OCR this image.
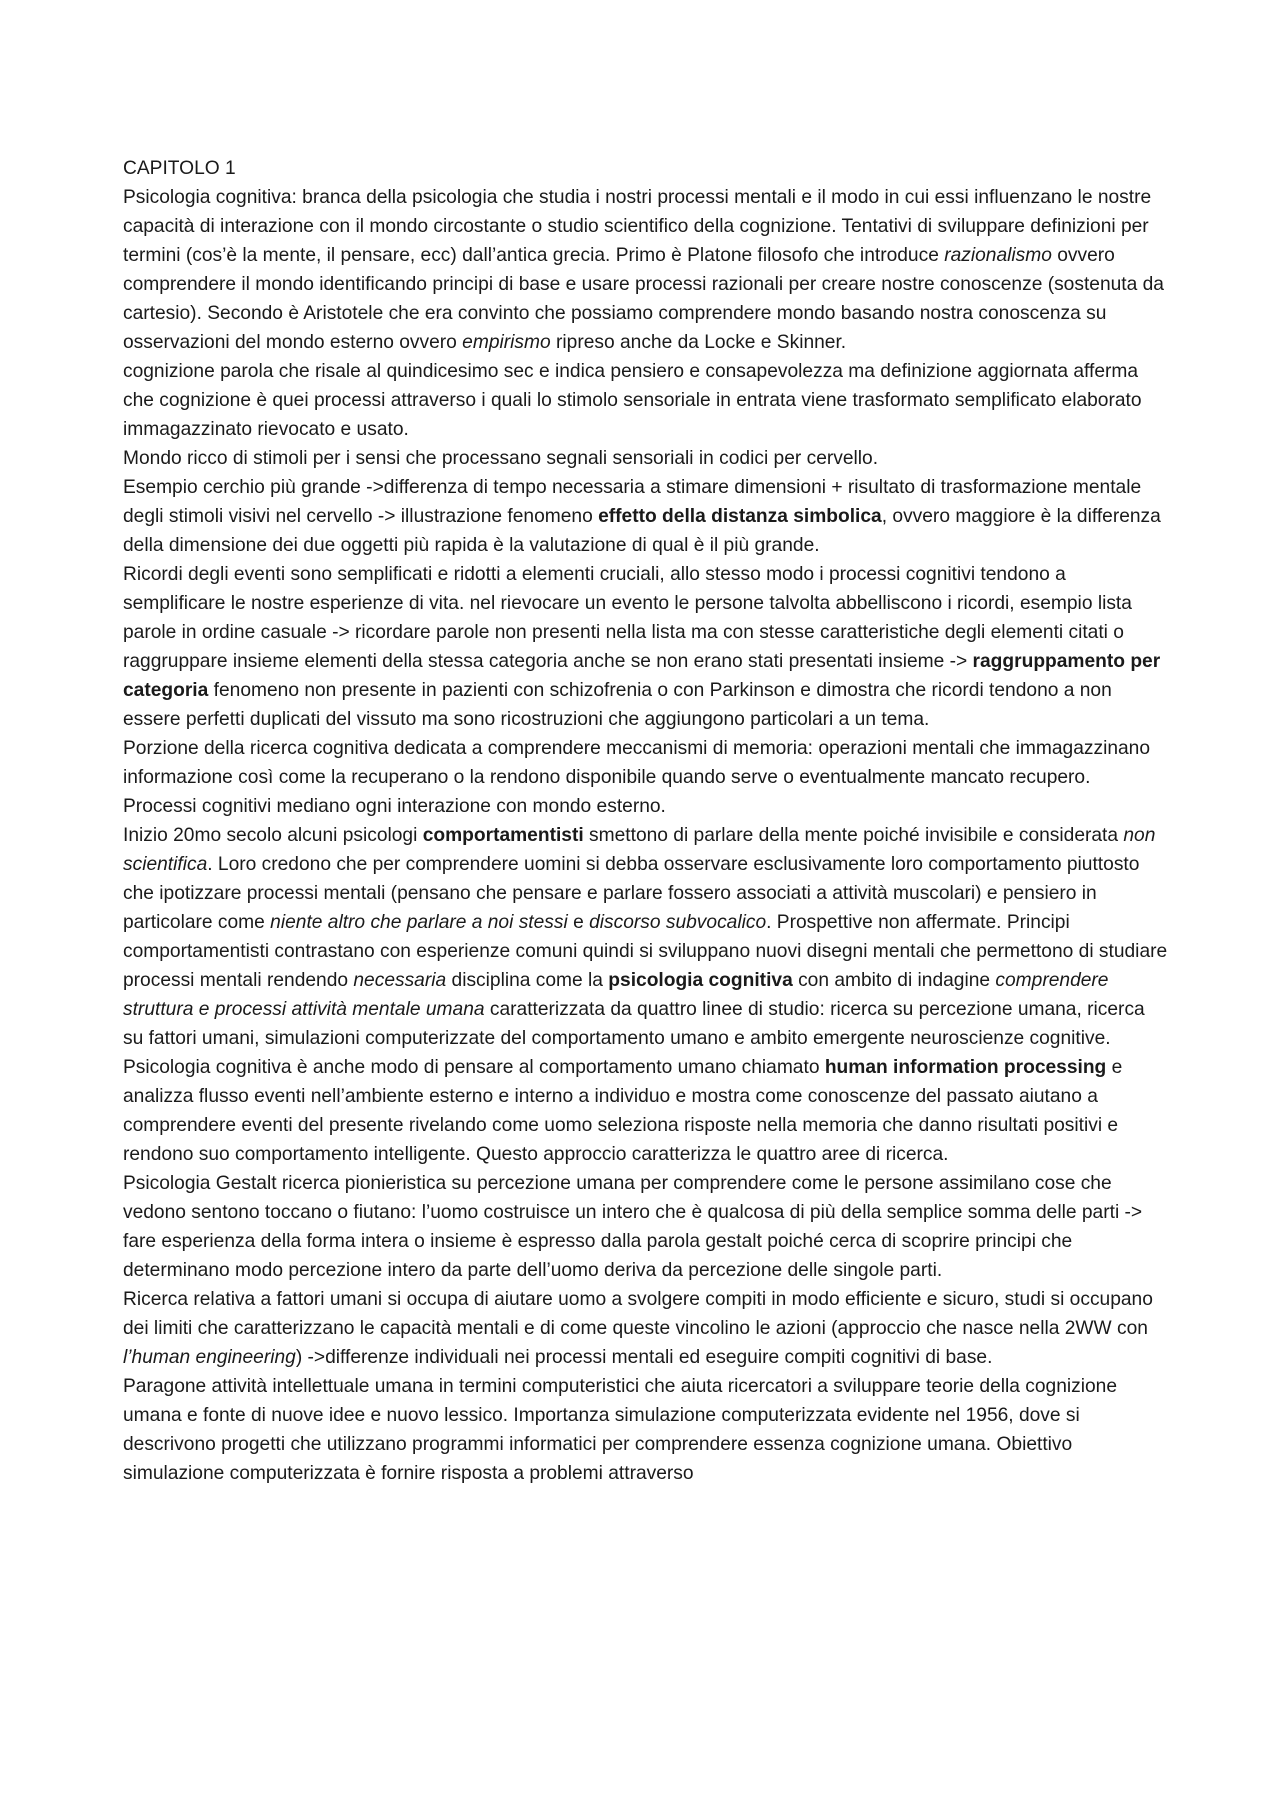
CAPITOLO 1

Psicologia cognitiva: branca della psicologia che studia i nostri processi mentali e il modo in cui essi influenzano le nostre capacità di interazione con il mondo circostante o studio scientifico della cognizione. Tentativi di sviluppare definizioni per termini (cos’è la mente, il pensare, ecc) dall’antica grecia. Primo è Platone filosofo che introduce razionalismo ovvero comprendere il mondo identificando principi di base e usare processi razionali per creare nostre conoscenze (sostenuta da cartesio). Secondo è Aristotele che era convinto che possiamo comprendere mondo basando nostra conoscenza su osservazioni del mondo esterno ovvero empirismo ripreso anche da Locke e Skinner.

cognizione parola che risale al quindicesimo sec e indica pensiero e consapevolezza ma definizione aggiornata afferma che cognizione è quei processi attraverso i quali lo stimolo sensoriale in entrata viene trasformato semplificato elaborato immagazzinato rievocato e usato.

Mondo ricco di stimoli per i sensi che processano segnali sensoriali in codici per cervello.

Esempio cerchio più grande ->differenza di tempo necessaria a stimare dimensioni + risultato di trasformazione mentale degli stimoli visivi nel cervello -> illustrazione fenomeno effetto della distanza simbolica, ovvero maggiore è la differenza della dimensione dei due oggetti più rapida è la valutazione di qual è il più grande.

Ricordi degli eventi sono semplificati e ridotti a elementi cruciali, allo stesso modo i processi cognitivi tendono a semplificare le nostre esperienze di vita. nel rievocare un evento le persone talvolta abbelliscono i ricordi, esempio lista parole in ordine casuale -> ricordare parole non presenti nella lista ma con stesse caratteristiche degli elementi citati o raggruppare insieme elementi della stessa categoria anche se non erano stati presentati insieme -> raggruppamento per categoria fenomeno non presente in pazienti con schizofrenia o con Parkinson e dimostra che ricordi tendono a non essere perfetti duplicati del vissuto ma sono ricostruzioni che aggiungono particolari a un tema.

Porzione della ricerca cognitiva dedicata a comprendere meccanismi di memoria: operazioni mentali che immagazzinano informazione così come la recuperano o la rendono disponibile quando serve o eventualmente mancato recupero. Processi cognitivi mediano ogni interazione con mondo esterno.

Inizio 20mo secolo alcuni psicologi comportamentisti smettono di parlare della mente poiché invisibile e considerata non scientifica. Loro credono che per comprendere uomini si debba osservare esclusivamente loro comportamento piuttosto che ipotizzare processi mentali (pensano che pensare e parlare fossero associati a attività muscolari) e pensiero in particolare come niente altro che parlare a noi stessi e discorso subvocalico. Prospettive non affermate. Principi comportamentisti contrastano con esperienze comuni quindi si sviluppano nuovi disegni mentali che permettono di studiare processi mentali rendendo necessaria disciplina come la psicologia cognitiva con ambito di indagine comprendere struttura e processi attività mentale umana caratterizzata da quattro linee di studio: ricerca su percezione umana, ricerca su fattori umani, simulazioni computerizzate del comportamento umano e ambito emergente neuroscienze cognitive. Psicologia cognitiva è anche modo di pensare al comportamento umano chiamato human information processing e analizza flusso eventi nell’ambiente esterno e interno a individuo e mostra come conoscenze del passato aiutano a comprendere eventi del presente rivelando come uomo seleziona risposte nella memoria che danno risultati positivi e rendono suo comportamento intelligente. Questo approccio caratterizza le quattro aree di ricerca.

Psicologia Gestalt ricerca pionieristica su percezione umana per comprendere come le persone assimilano cose che vedono sentono toccano o fiutano: l’uomo costruisce un intero che è qualcosa di più della semplice somma delle parti -> fare esperienza della forma intera o insieme è espresso dalla parola gestalt poiché cerca di scoprire principi che determinano modo percezione intero da parte dell’uomo deriva da percezione delle singole parti.

Ricerca relativa a fattori umani si occupa di aiutare uomo a svolgere compiti in modo efficiente e sicuro, studi si occupano dei limiti che caratterizzano le capacità mentali e di come queste vincolino le azioni (approccio che nasce nella 2WW con l’human engineering) ->differenze individuali nei processi mentali ed eseguire compiti cognitivi di base.

Paragone attività intellettuale umana in termini computeristici che aiuta ricercatori a sviluppare teorie della cognizione umana e fonte di nuove idee e nuovo lessico. Importanza simulazione computerizzata evidente nel 1956, dove si descrivono progetti che utilizzano programmi informatici per comprendere essenza cognizione umana. Obiettivo simulazione computerizzata è fornire risposta a problemi attraverso
